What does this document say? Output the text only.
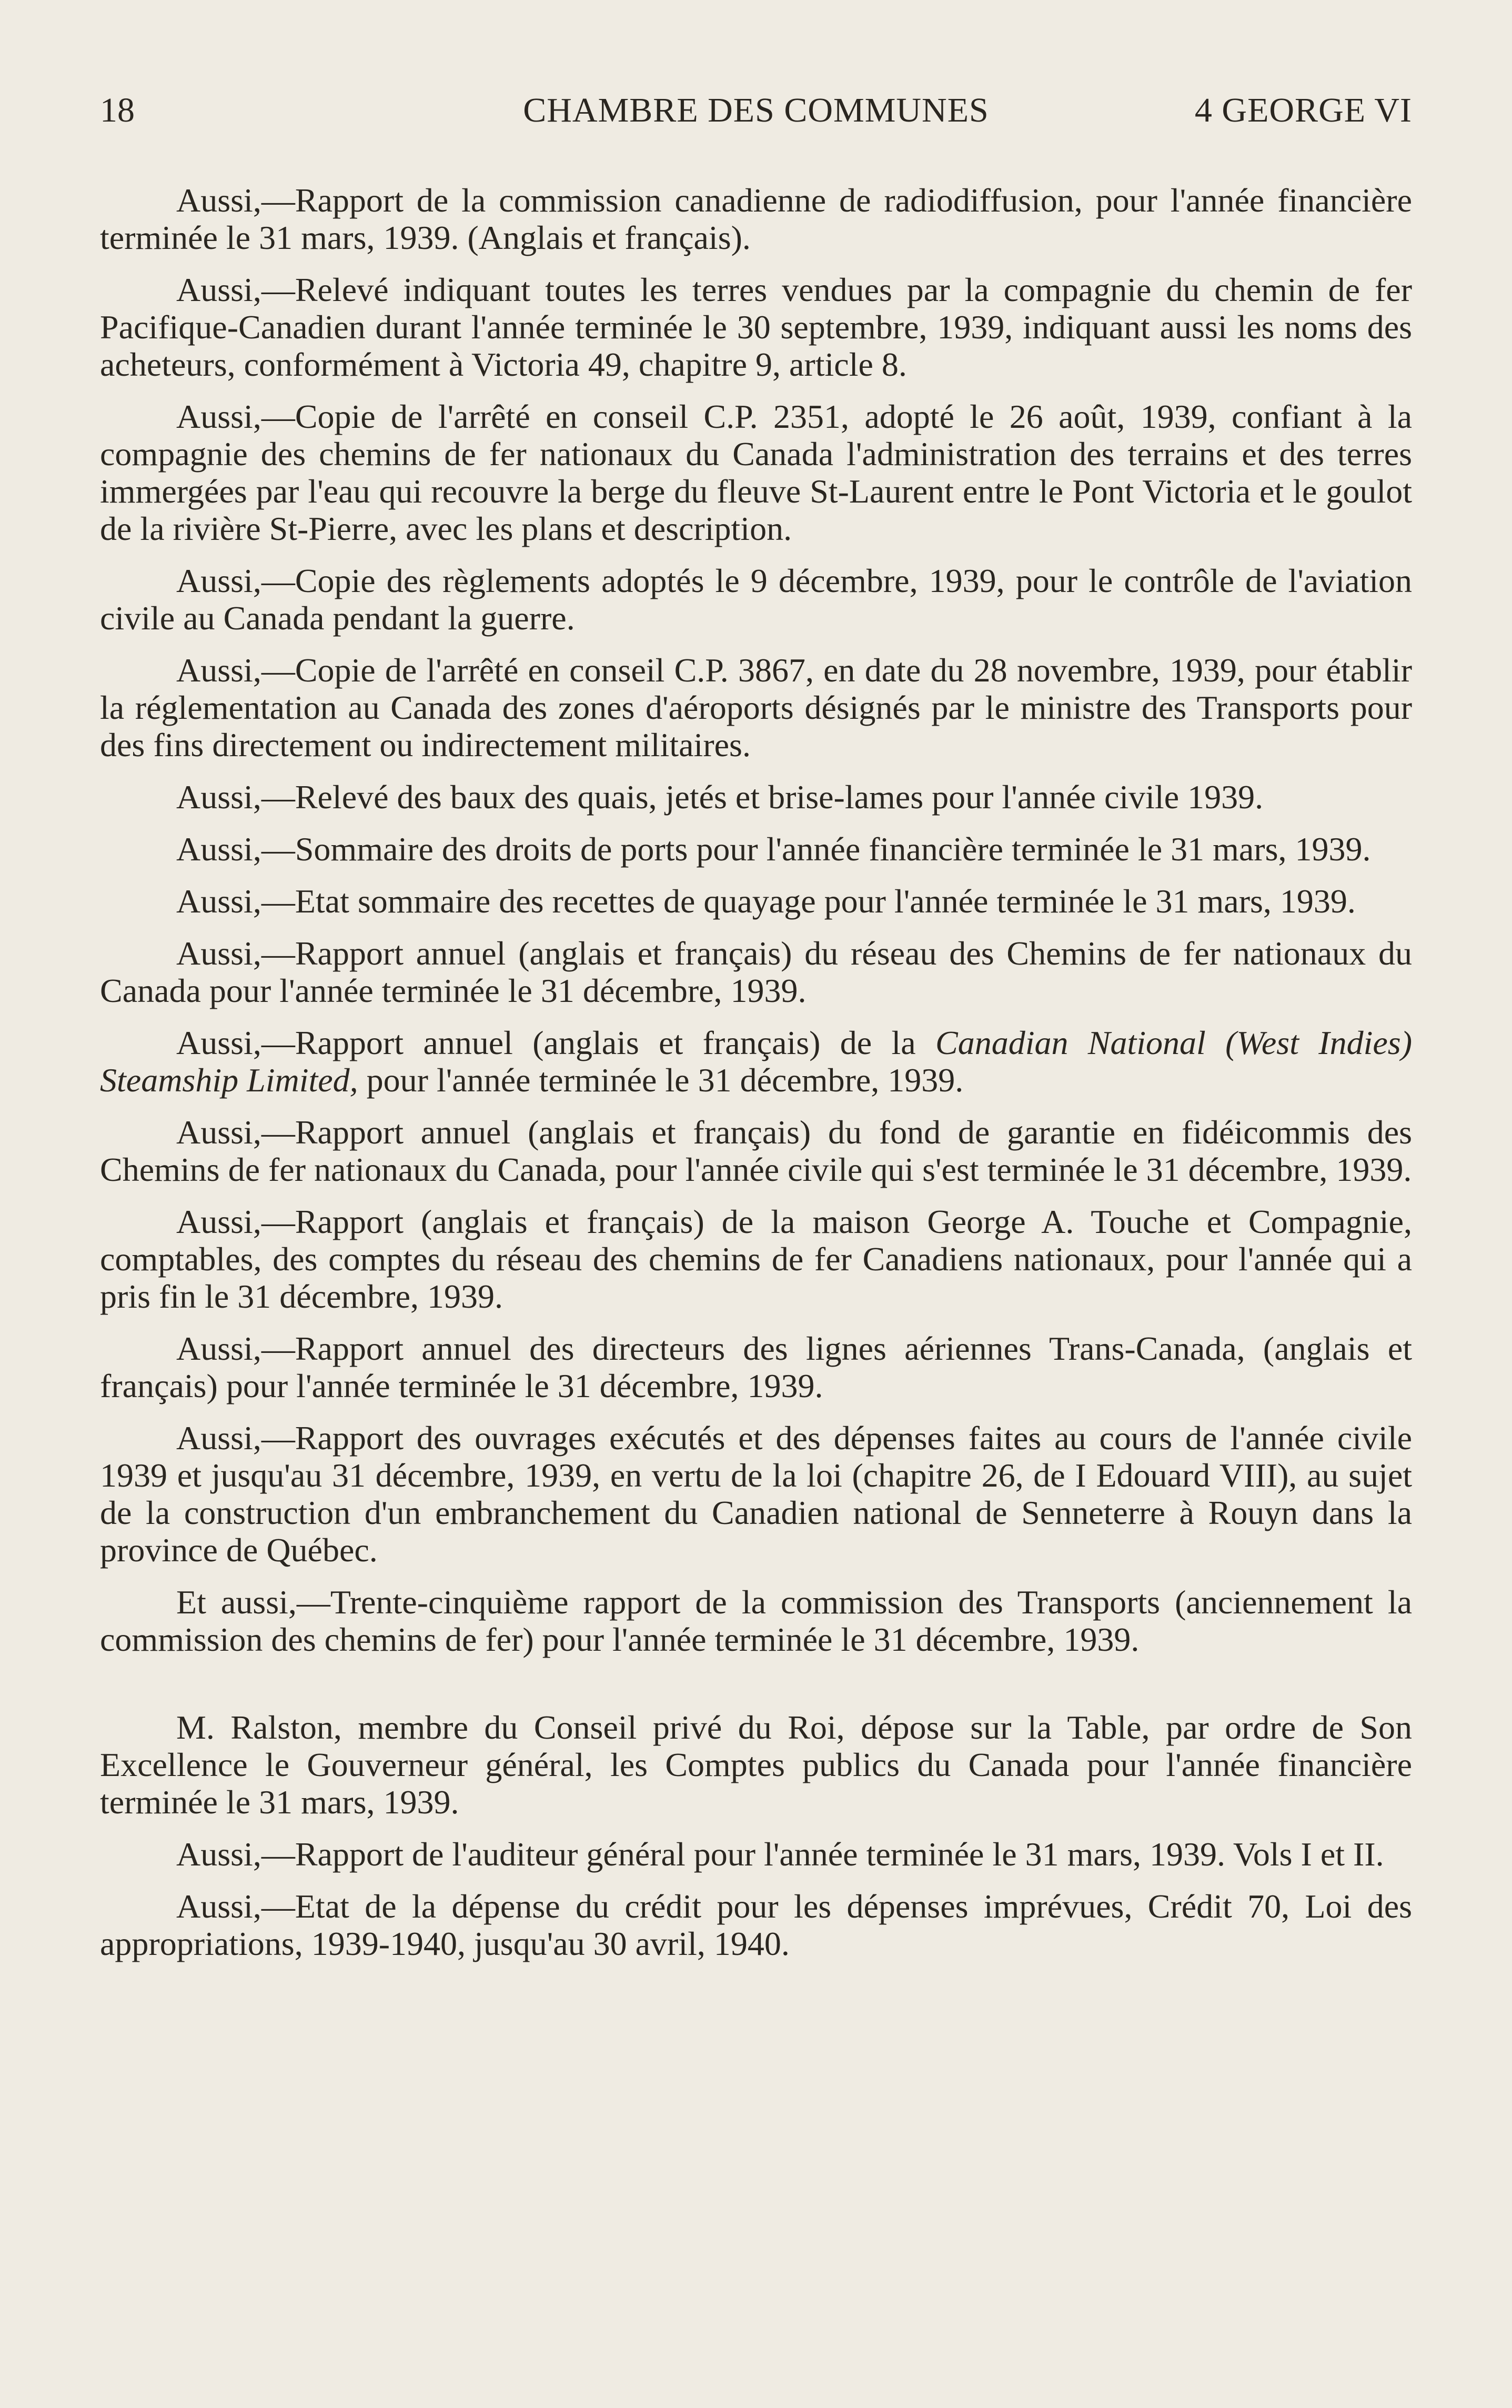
18	CHAMBRE DES COMMUNES	4 GEORGE VI

Aussi,—Rapport de la commission canadienne de radiodiffusion, pour l'année financière terminée le 31 mars, 1939. (Anglais et français).

Aussi,—Relevé indiquant toutes les terres vendues par la compagnie du chemin de fer Pacifique-Canadien durant l'année terminée le 30 septembre, 1939, indiquant aussi les noms des acheteurs, conformément à Victoria 49, chapitre 9, article 8.

Aussi,—Copie de l'arrêté en conseil C.P. 2351, adopté le 26 août, 1939, confiant à la compagnie des chemins de fer nationaux du Canada l'administration des terrains et des terres immergées par l'eau qui recouvre la berge du fleuve St-Laurent entre le Pont Victoria et le goulot de la rivière St-Pierre, avec les plans et description.

Aussi,—Copie des règlements adoptés le 9 décembre, 1939, pour le contrôle de l'aviation civile au Canada pendant la guerre.

Aussi,—Copie de l'arrêté en conseil C.P. 3867, en date du 28 novembre, 1939, pour établir la réglementation au Canada des zones d'aéroports désignés par le ministre des Transports pour des fins directement ou indirectement militaires.

Aussi,—Relevé des baux des quais, jetés et brise-lames pour l'année civile 1939.

Aussi,—Sommaire des droits de ports pour l'année financière terminée le 31 mars, 1939.

Aussi,—Etat sommaire des recettes de quayage pour l'année terminée le 31 mars, 1939.

Aussi,—Rapport annuel (anglais et français) du réseau des Chemins de fer nationaux du Canada pour l'année terminée le 31 décembre, 1939.

Aussi,—Rapport annuel (anglais et français) de la Canadian National (West Indies) Steamship Limited, pour l'année terminée le 31 décembre, 1939.

Aussi,—Rapport annuel (anglais et français) du fond de garantie en fidéicommis des Chemins de fer nationaux du Canada, pour l'année civile qui s'est terminée le 31 décembre, 1939.

Aussi,—Rapport (anglais et français) de la maison George A. Touche et Compagnie, comptables, des comptes du réseau des chemins de fer Canadiens nationaux, pour l'année qui a pris fin le 31 décembre, 1939.

Aussi,—Rapport annuel des directeurs des lignes aériennes Trans-Canada, (anglais et français) pour l'année terminée le 31 décembre, 1939.

Aussi,—Rapport des ouvrages exécutés et des dépenses faites au cours de l'année civile 1939 et jusqu'au 31 décembre, 1939, en vertu de la loi (chapitre 26, de I Edouard VIII), au sujet de la construction d'un embranchement du Canadien national de Senneterre à Rouyn dans la province de Québec.

Et aussi,—Trente-cinquième rapport de la commission des Transports (anciennement la commission des chemins de fer) pour l'année terminée le 31 décembre, 1939.

M. Ralston, membre du Conseil privé du Roi, dépose sur la Table, par ordre de Son Excellence le Gouverneur général, les Comptes publics du Canada pour l'année financière terminée le 31 mars, 1939.

Aussi,—Rapport de l'auditeur général pour l'année terminée le 31 mars, 1939. Vols I et II.

Aussi,—Etat de la dépense du crédit pour les dépenses imprévues, Crédit 70, Loi des appropriations, 1939-1940, jusqu'au 30 avril, 1940.
